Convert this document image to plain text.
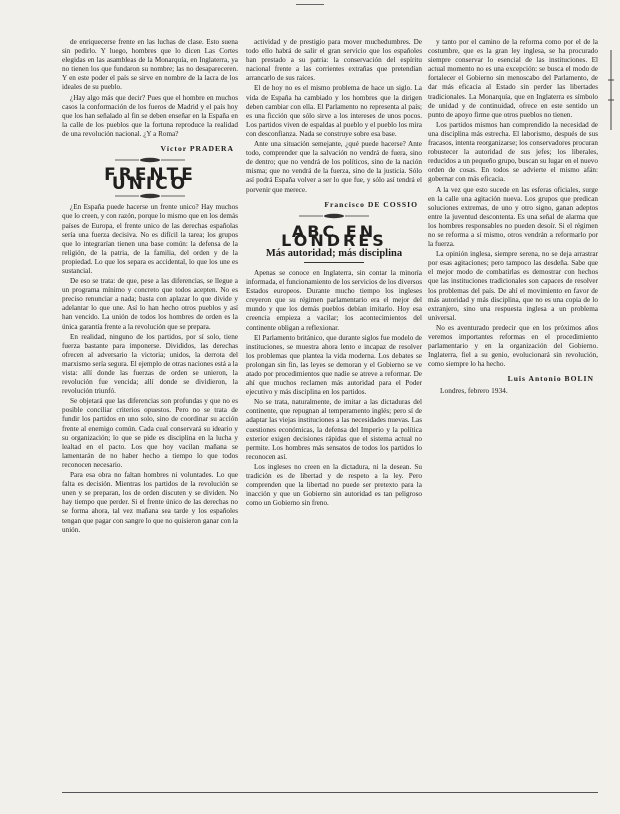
de enriquecerse frente en las luchas de clase. Esto suena sin pedirlo. Y luego, hombres que lo dicen Las Cortes elegidas en las asambleas de la Monarquía, en Inglaterra, ya no tienen los que fundaron su nombre; las no desapareceren. Y en este poder el país se sirve en nombre de la lacra de los ideales de su pueblo.

¿Hay algo más que decir? Pues que el hombre en muchos casos la conformación de los fueros de Madrid y el país hoy que los han señalado al fin se deben enseñar en la España en la calle de los pueblos que la fortuna reproduce la realidad de una revolución nacional. ¿Y a Roma?

Víctor PRADERA
FRENTE UNICO

¿En España puede hacerse un frente unico? Hay muchos que lo creen, y con razón, porque lo mismo que en los demás países de Europa, el frente unico de las derechas españolas sería una fuerza decisiva. No es difícil la tarea; los grupos que lo integrarían tienen una base común: la defensa de la religión, de la patria, de la familia, del orden y de la propiedad. Lo que los separa es accidental, lo que los une es sustancial.

De eso se trata: de que, pese a las diferencias, se llegue a un programa mínimo y concreto que todos acepten. No es preciso renunciar a nada; basta con aplazar lo que divide y adelantar lo que une. Así lo han hecho otros pueblos y así han vencido. La unión de todos los hombres de orden es la única garantía frente a la revolución que se prepara.

En realidad, ninguno de los partidos, por sí solo, tiene fuerza bastante para imponerse. Divididos, las derechas ofrecen al adversario la victoria; unidos, la derrota del marxismo sería segura. El ejemplo de otras naciones está a la vista: allí donde las fuerzas de orden se unieron, la revolución fue vencida; allí donde se dividieron, la revolución triunfó.

Se objetará que las diferencias son profundas y que no es posible conciliar criterios opuestos. Pero no se trata de fundir los partidos en uno solo, sino de coordinar su acción frente al enemigo común. Cada cual conservará su ideario y su organización; lo que se pide es disciplina en la lucha y lealtad en el pacto. Los que hoy vacilan mañana se lamentarán de no haber hecho a tiempo lo que todos reconocen necesario.

Para esa obra no faltan hombres ni voluntades. Lo que falta es decisión. Mientras los partidos de la revolución se unen y se preparan, los de orden discuten y se dividen. No hay tiempo que perder. Si el frente único de las derechas no se forma ahora, tal vez mañana sea tarde y los españoles tengan que pagar con sangre lo que no quisieron ganar con la unión.

actividad y de prestigio para mover muchedumbres. De todo ello habrá de salir el gran servicio que los españoles han prestado a su patria: la conservación del espíritu nacional frente a las corrientes extrañas que pretendían arrancarlo de sus raíces.

El de hoy no es el mismo problema de hace un siglo. La vida de España ha cambiado y los hombres que la dirigen deben cambiar con ella. El Parlamento no representa al país; es una ficción que sólo sirve a los intereses de unos pocos. Los partidos viven de espaldas al pueblo y el pueblo los mira con desconfianza. Nada se construye sobre esa base.

Ante una situación semejante, ¿qué puede hacerse? Ante todo, comprender que la salvación no vendrá de fuera, sino de dentro; que no vendrá de los políticos, sino de la nación misma; que no vendrá de la fuerza, sino de la justicia. Sólo así podrá España volver a ser lo que fue, y sólo así tendrá el porvenir que merece.

Francisco DE COSSIO
ABC EN LONDRES
Más autoridad; más disciplina

Apenas se conoce en Inglaterra, sin contar la minoría informada, el funcionamiento de los servicios de los diversos Estados europeos. Durante mucho tiempo los ingleses creyeron que su régimen parlamentario era el mejor del mundo y que los demás pueblos debían imitarlo. Hoy esa creencia empieza a vacilar; los acontecimientos del continente obligan a reflexionar.

El Parlamento británico, que durante siglos fue modelo de instituciones, se muestra ahora lento e incapaz de resolver los problemas que plantea la vida moderna. Los debates se prolongan sin fin, las leyes se demoran y el Gobierno se ve atado por procedimientos que nadie se atreve a reformar. De ahí que muchos reclamen más autoridad para el Poder ejecutivo y más disciplina en los partidos.

No se trata, naturalmente, de imitar a las dictaduras del continente, que repugnan al temperamento inglés; pero sí de adaptar las viejas instituciones a las necesidades nuevas. Las cuestiones económicas, la defensa del Imperio y la política exterior exigen decisiones rápidas que el sistema actual no permite. Los hombres más sensatos de todos los partidos lo reconocen así.

Los ingleses no creen en la dictadura, ni la desean. Su tradición es de libertad y de respeto a la ley. Pero comprenden que la libertad no puede ser pretexto para la inacción y que un Gobierno sin autoridad es tan peligroso como un Gobierno sin freno.

y tanto por el camino de la reforma como por el de la costumbre, que es la gran ley inglesa, se ha procurado siempre conservar lo esencial de las instituciones. El actual momento no es una excepción: se busca el modo de fortalecer el Gobierno sin menoscabo del Parlamento, de dar más eficacia al Estado sin perder las libertades tradicionales. La Monarquía, que en Inglaterra es símbolo de unidad y de continuidad, ofrece en este sentido un punto de apoyo firme que otros pueblos no tienen.

Los partidos mismos han comprendido la necesidad de una disciplina más estrecha. El laborismo, después de sus fracasos, intenta reorganizarse; los conservadores procuran robustecer la autoridad de sus jefes; los liberales, reducidos a un pequeño grupo, buscan su lugar en el nuevo orden de cosas. En todos se advierte el mismo afán: gobernar con más eficacia.

A la vez que esto sucede en las esferas oficiales, surge en la calle una agitación nueva. Los grupos que predican soluciones extremas, de uno y otro signo, ganan adeptos entre la juventud descontenta. Es una señal de alarma que los hombres responsables no pueden desoír. Si el régimen no se reforma a sí mismo, otros vendrán a reformarlo por la fuerza.

La opinión inglesa, siempre serena, no se deja arrastrar por esas agitaciones; pero tampoco las desdeña. Sabe que el mejor modo de combatirlas es demostrar con hechos que las instituciones tradicionales son capaces de resolver los problemas del país. De ahí el movimiento en favor de más autoridad y más disciplina, que no es una copia de lo extranjero, sino una respuesta inglesa a un problema universal.

No es aventurado predecir que en los próximos años veremos importantes reformas en el procedimiento parlamentario y en la organización del Gobierno. Inglaterra, fiel a su genio, evolucionará sin revolución, como siempre lo ha hecho.

Luis Antonio BOLIN
Londres, febrero 1934.
